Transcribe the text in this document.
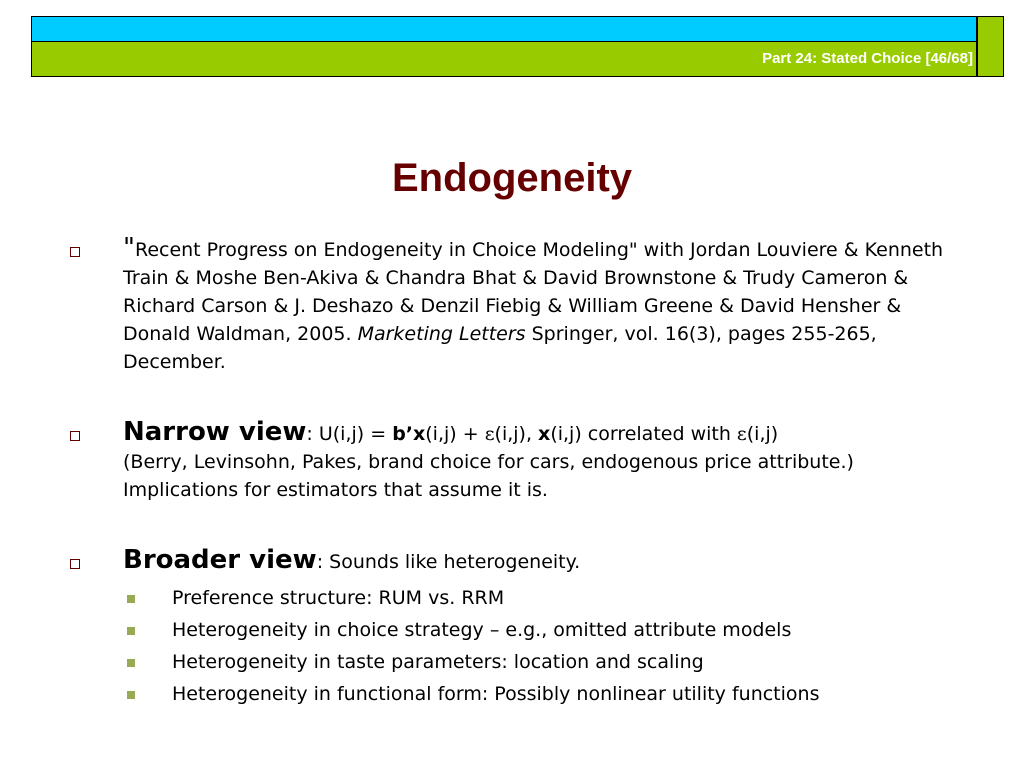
Part 24: Stated Choice [46/68]
Endogeneity
"Recent Progress on Endogeneity in Choice Modeling" with Jordan Louviere & Kenneth Train & Moshe Ben-Akiva & Chandra Bhat & David Brownstone & Trudy Cameron & Richard Carson & J. Deshazo & Denzil Fiebig & William Greene & David Hensher & Donald Waldman, 2005. Marketing Letters Springer, vol. 16(3), pages 255-265, December.
Narrow view: U(i,j) = b’x(i,j) + ε(i,j), x(i,j) correlated with ε(i,j)
(Berry, Levinsohn, Pakes, brand choice for cars, endogenous price attribute.)
Implications for estimators that assume it is.
Broader view: Sounds like heterogeneity.
Preference structure: RUM vs. RRM
Heterogeneity in choice strategy – e.g., omitted attribute models
Heterogeneity in taste parameters: location and scaling
Heterogeneity in functional form: Possibly nonlinear utility functions
